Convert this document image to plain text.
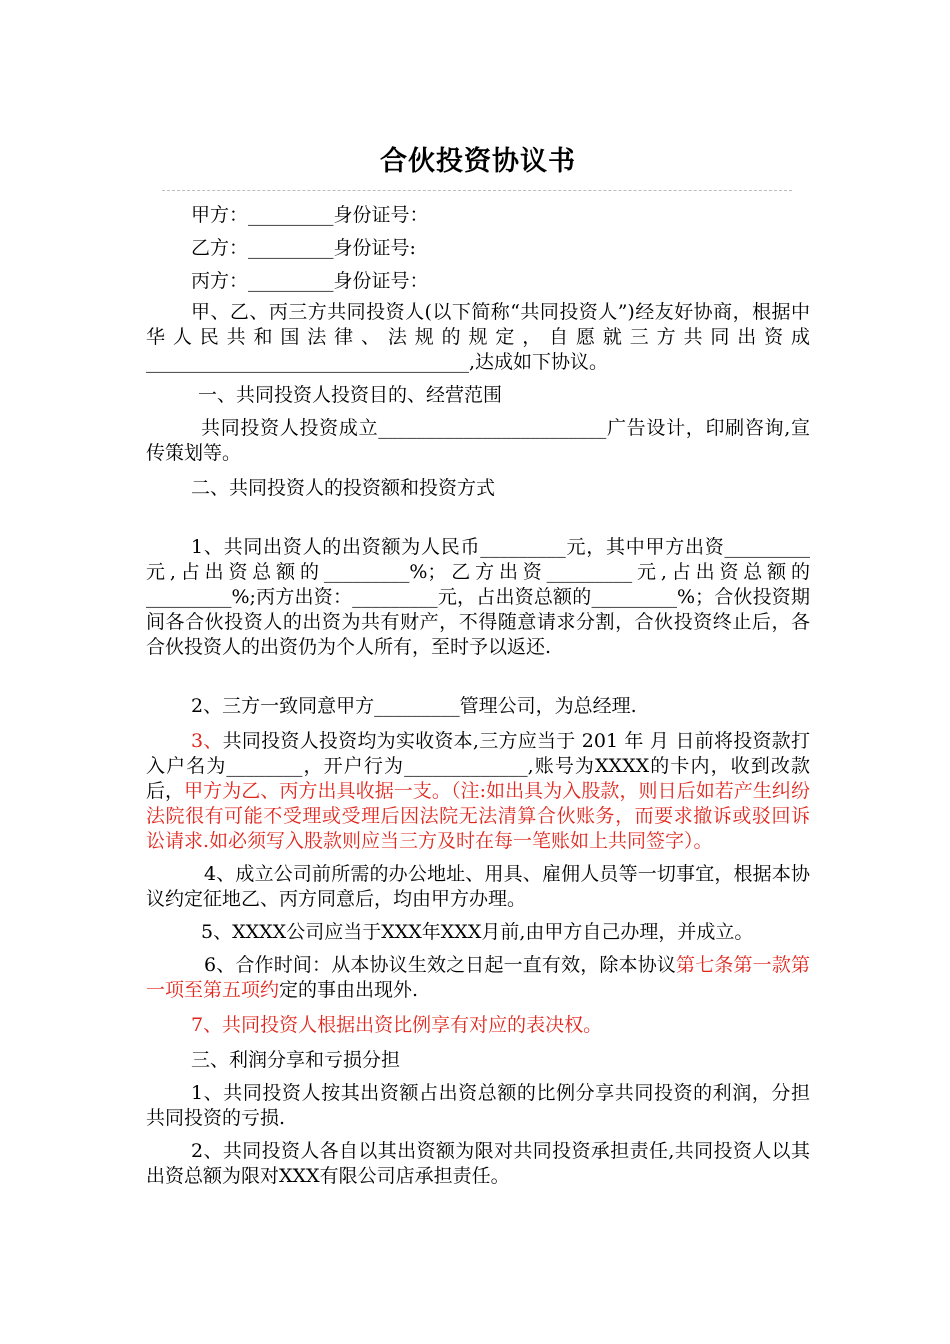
合伙投资协议书

甲方：_________身份证号：

乙方：_________身份证号:

丙方：_________身份证号：

甲、乙、丙三方共同投资人(以下简称“共同投资人”)经友好协商，根据中华人民共和国法律、法规的规定，自愿就三方共同出资成__________________________________,达成如下协议。

一、共同投资人投资目的、经营范围

共同投资人投资成立________________________广告设计，印刷咨询,宣传策划等。

二、共同投资人的投资额和投资方式

1、共同出资人的出资额为人民币_________元，其中甲方出资_________元,占出资总额的_________%；乙方出资_________元,占出资总额的_________%;丙方出资：_________元，占出资总额的_________%；合伙投资期间各合伙投资人的出资为共有财产，不得随意请求分割，合伙投资终止后，各合伙投资人的出资仍为个人所有，至时予以返还.

2、三方一致同意甲方_________管理公司，为总经理.

3、共同投资人投资均为实收资本,三方应当于 201 年 月 日前将投资款打入户名为________，开户行为_____________,账号为XXXX的卡内，收到改款后，甲方为乙、丙方出具收据一支。（注:如出具为入股款，则日后如若产生纠纷法院很有可能不受理或受理后因法院无法清算合伙账务，而要求撤诉或驳回诉讼请求.如必须写入股款则应当三方及时在每一笔账如上共同签字）。

4、成立公司前所需的办公地址、用具、雇佣人员等一切事宜，根据本协议约定征地乙、丙方同意后，均由甲方办理。

5、XXXX公司应当于XXX年XXX月前,由甲方自己办理，并成立。

6、合作时间：从本协议生效之日起一直有效，除本协议第七条第一款第一项至第五项约定的事由出现外.

7、共同投资人根据出资比例享有对应的表决权。

三、利润分享和亏损分担

1、共同投资人按其出资额占出资总额的比例分享共同投资的利润，分担共同投资的亏损.

2、共同投资人各自以其出资额为限对共同投资承担责任,共同投资人以其出资总额为限对XXX有限公司店承担责任。
